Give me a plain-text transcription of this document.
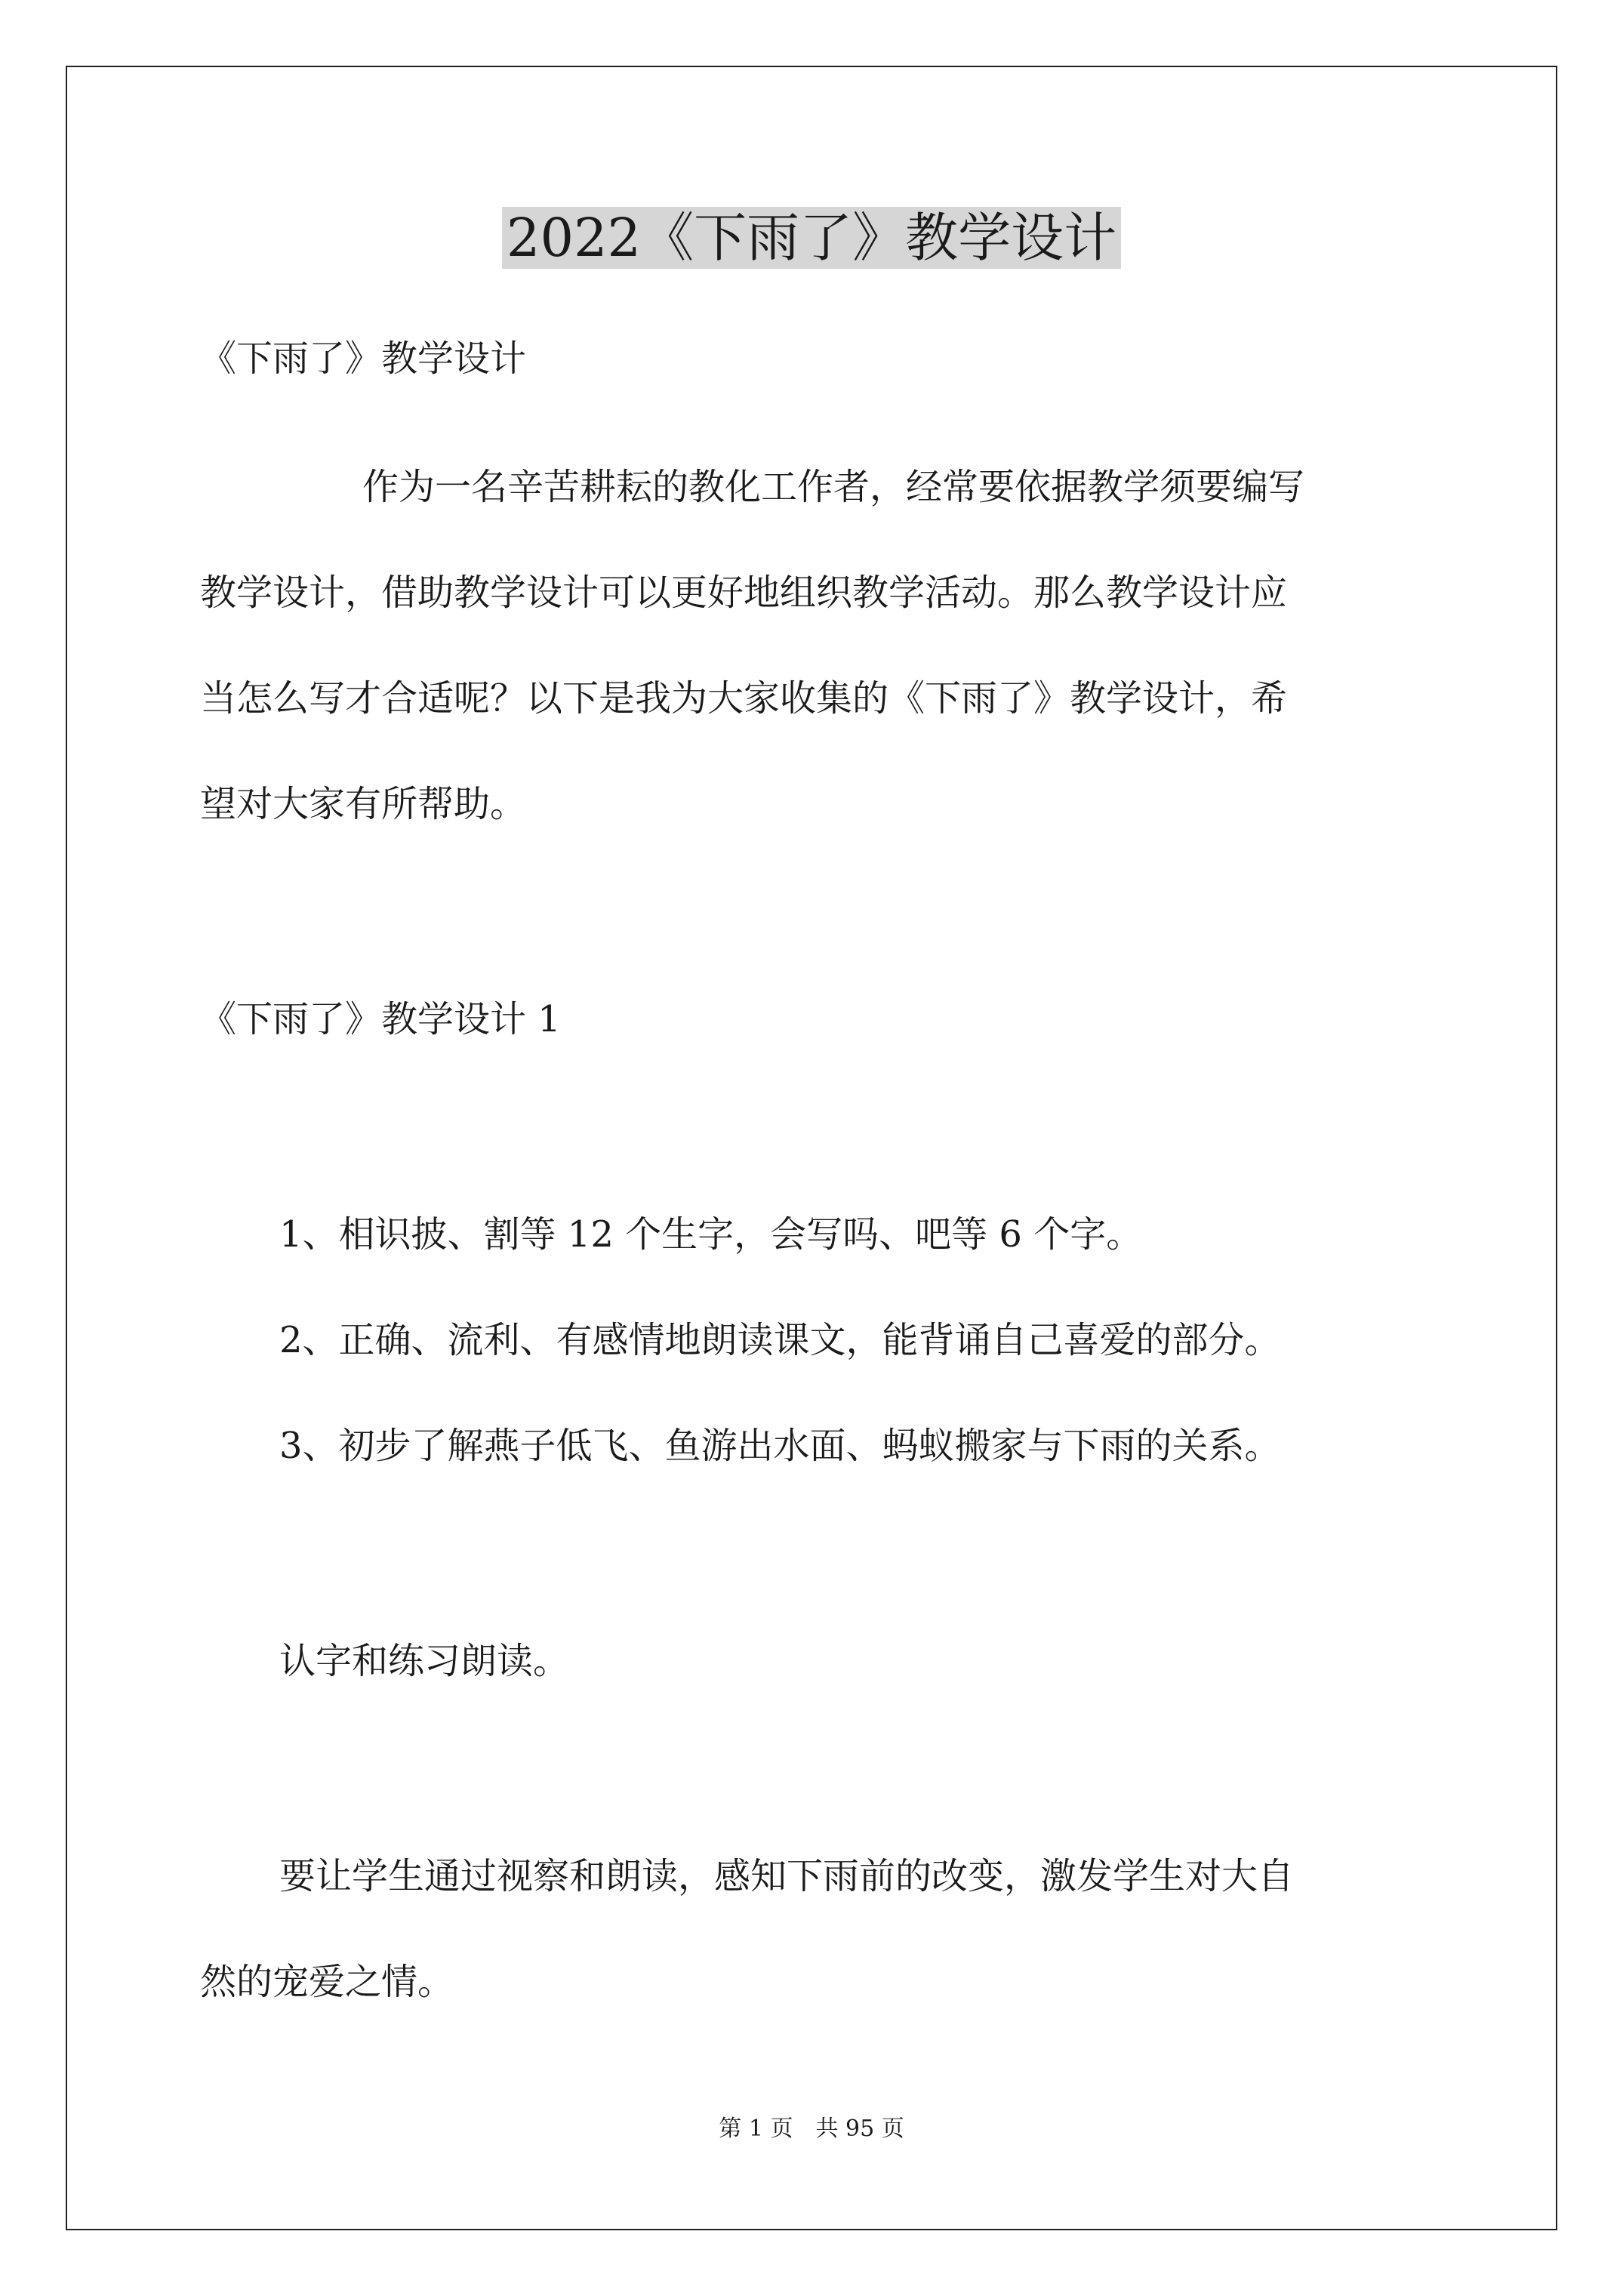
2022《下雨了》教学设计
《下雨了》教学设计
作为一名辛苦耕耘的教化工作者，经常要依据教学须要编写
教学设计，借助教学设计可以更好地组织教学活动。那么教学设计应
当怎么写才合适呢？以下是我为大家收集的《下雨了》教学设计，希
望对大家有所帮助。
《下雨了》教学设计 1
1、相识披、割等 12 个生字，会写吗、吧等 6 个字。
2、正确、流利、有感情地朗读课文，能背诵自己喜爱的部分。
3、初步了解燕子低飞、鱼游出水面、蚂蚁搬家与下雨的关系。
认字和练习朗读。
要让学生通过视察和朗读，感知下雨前的改变，激发学生对大自
然的宠爱之情。
第 1 页 共 95 页
